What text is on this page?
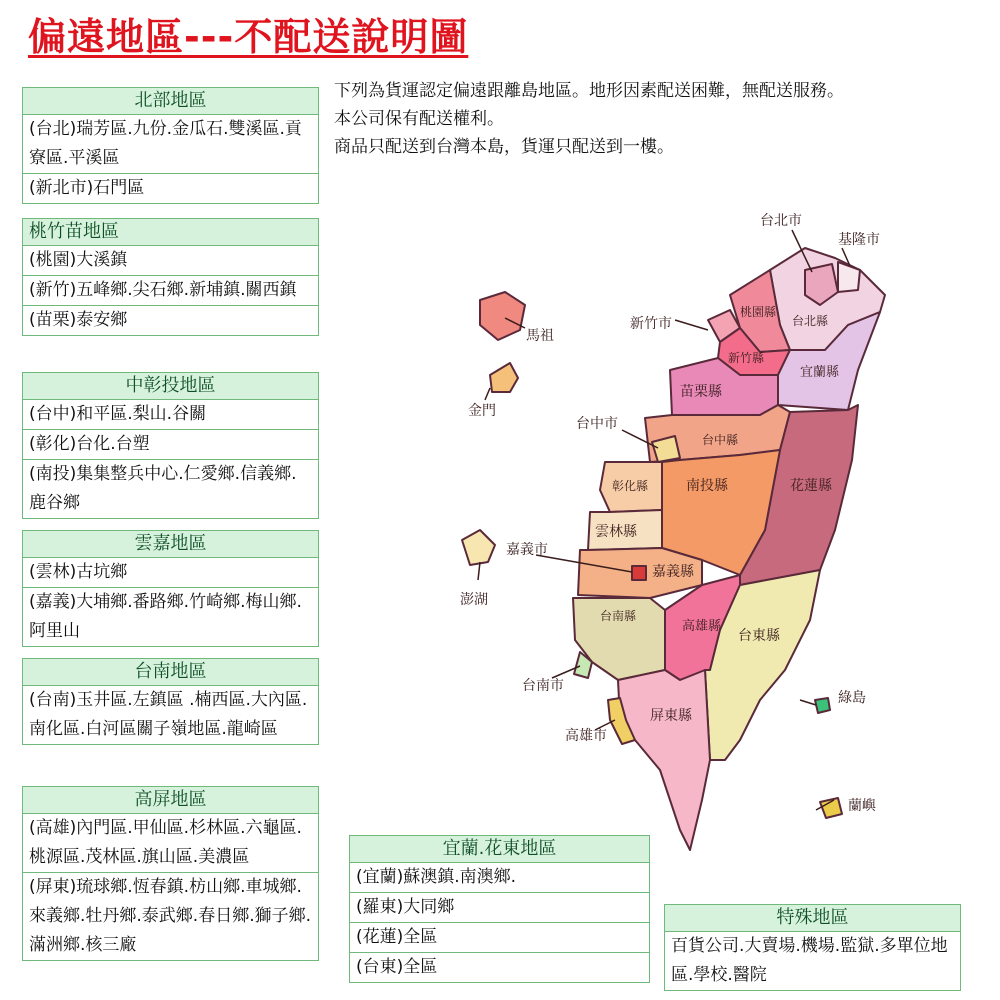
偏遠地區---不配送說明圖
下列為貨運認定偏遠跟離島地區。地形因素配送困難，無配送服務。
本公司保有配送權利。
商品只配送到台灣本島，貨運只配送到一樓。
北部地區
(台北)瑞芳區.九份.金瓜石.雙溪區.貢寮區.平溪區
(新北市)石門區
桃竹苗地區
(桃園)大溪鎮
(新竹)五峰鄉.尖石鄉.新埔鎮.關西鎮
(苗栗)泰安鄉
中彰投地區
(台中)和平區.梨山.谷關
(彰化)台化.台塑
(南投)集集整兵中心.仁愛鄉.信義鄉.鹿谷鄉
雲嘉地區
(雲林)古坑鄉
(嘉義)大埔鄉.番路鄉.竹崎鄉.梅山鄉.阿里山
台南地區
(台南)玉井區.左鎮區 .楠西區.大內區.南化區.白河區關子嶺地區.龍崎區
高屏地區
(高雄)內門區.甲仙區.杉林區.六龜區.桃源區.茂林區.旗山區.美濃區
(屏東)琉球鄉.恆春鎮.枋山鄉.車城鄉.來義鄉.牡丹鄉.泰武鄉.春日鄉.獅子鄉.滿洲鄉.核三廠
宜蘭.花東地區
(宜蘭)蘇澳鎮.南澳鄉.
(羅東)大同鄉
(花蓮)全區
(台東)全區
特殊地區
百貨公司.大賣場.機場.監獄.多單位地區.學校.醫院
台北市
基隆市
桃園縣
台北縣
新竹市
新竹縣
宜蘭縣
馬祖
金門
苗栗縣
台中市
台中縣
彰化縣	南投縣	花蓮縣
雲林縣
嘉義市
嘉義縣
澎湖
台南縣
高雄縣
台東縣
台南市
屏東縣
綠島
高雄市
蘭嶼
